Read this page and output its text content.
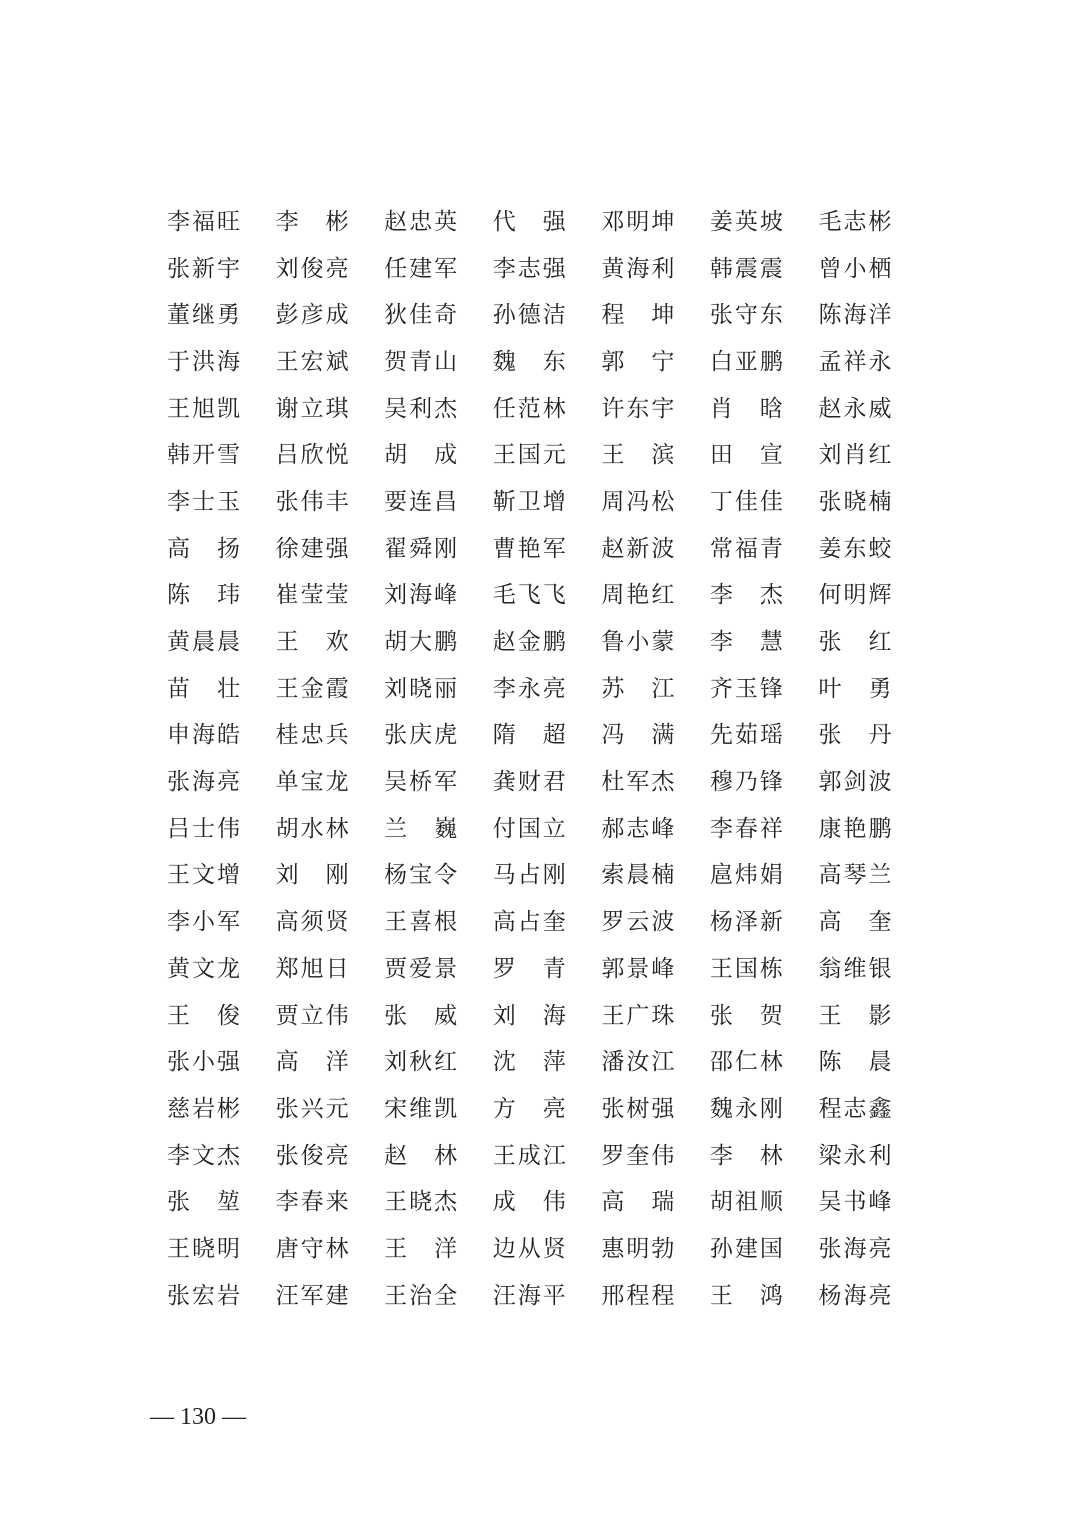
李福旺	李　彬	赵忠英	代　强	邓明坤	姜英坡	毛志彬
张新宇	刘俊亮	任建军	李志强	黄海利	韩震震	曾小栖
董继勇	彭彦成	狄佳奇	孙德洁	程　坤	张守东	陈海洋
于洪海	王宏斌	贺青山	魏　东	郭　宁	白亚鹏	孟祥永
王旭凯	谢立琪	吴利杰	任范林	许东宇	肖　晗	赵永威
韩开雪	吕欣悦	胡　成	王国元	王　滨	田　宣	刘肖红
李士玉	张伟丰	要连昌	靳卫增	周冯松	丁佳佳	张晓楠
高　扬	徐建强	翟舜刚	曹艳军	赵新波	常福青	姜东蛟
陈　玮	崔莹莹	刘海峰	毛飞飞	周艳红	李　杰	何明辉
黄晨晨	王　欢	胡大鹏	赵金鹏	鲁小蒙	李　慧	张　红
苗　壮	王金霞	刘晓丽	李永亮	苏　江	齐玉锋	叶　勇
申海皓	桂忠兵	张庆虎	隋　超	冯　满	先茹瑶	张　丹
张海亮	单宝龙	吴桥军	龚财君	杜军杰	穆乃锋	郭剑波
吕士伟	胡水林	兰　巍	付国立	郝志峰	李春祥	康艳鹏
王文增	刘　刚	杨宝令	马占刚	索晨楠	扈炜娟	高琴兰
李小军	高须贤	王喜根	高占奎	罗云波	杨泽新	高　奎
黄文龙	郑旭日	贾爱景	罗　青	郭景峰	王国栋	翁维银
王　俊	贾立伟	张　威	刘　海	王广珠	张　贺	王　影
张小强	高　洋	刘秋红	沈　萍	潘汝江	邵仁林	陈　晨
慈岩彬	张兴元	宋维凯	方　亮	张树强	魏永刚	程志鑫
李文杰	张俊亮	赵　林	王成江	罗奎伟	李　林	梁永利
张　堃	李春来	王晓杰	成　伟	高　瑞	胡祖顺	吴书峰
王晓明	唐守林	王　洋	边从贤	惠明勃	孙建国	张海亮
张宏岩	汪军建	王治全	汪海平	邢程程	王　鸿	杨海亮
— 130 —
